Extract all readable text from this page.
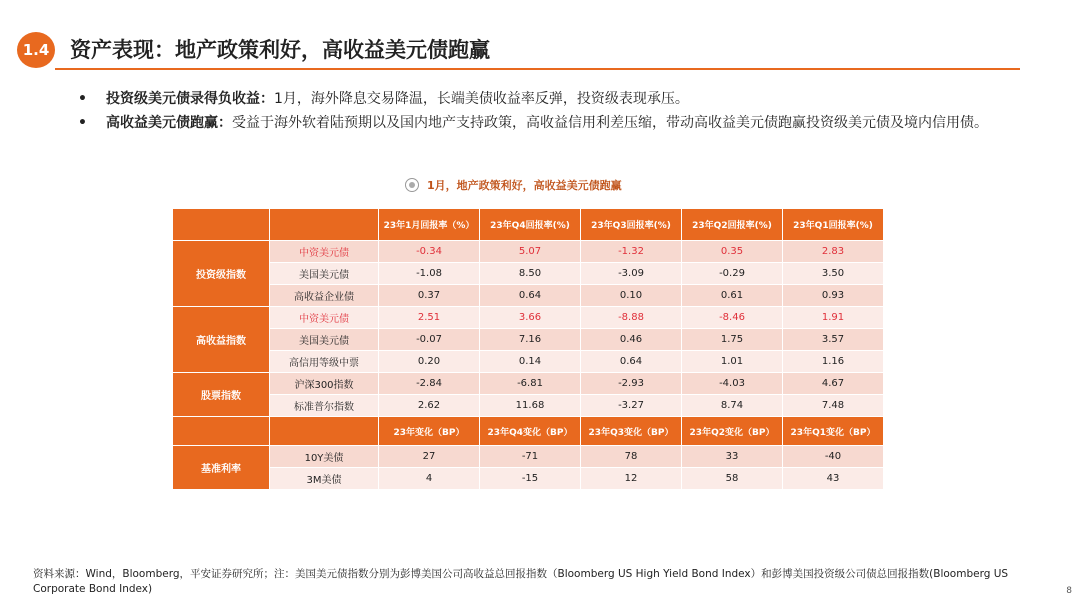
1.4 资产表现：地产政策利好，高收益美元债跑赢
• 投资级美元债录得负收益：1月，海外降息交易降温，长端美债收益率反弹，投资级表现承压。
• 高收益美元债跑赢：受益于海外软着陆预期以及国内地产支持政策，高收益信用利差压缩，带动高收益美元债跑赢投资级美元债及境内信用债。
1月，地产政策利好，高收益美元债跑赢
		23年1月回报率（%）	23年Q4回报率(%)	23年Q3回报率(%)	23年Q2回报率(%)	23年Q1回报率(%)
投资级指数	中资美元债	-0.34	5.07	-1.32	0.35	2.83
	美国美元债	-1.08	8.50	-3.09	-0.29	3.50
	高收益企业债	0.37	0.64	0.10	0.61	0.93
高收益指数	中资美元债	2.51	3.66	-8.88	-8.46	1.91
	美国美元债	-0.07	7.16	0.46	1.75	3.57
	高信用等级中票	0.20	0.14	0.64	1.01	1.16
股票指数	沪深300指数	-2.84	-6.81	-2.93	-4.03	4.67
	标准普尔指数	2.62	11.68	-3.27	8.74	7.48
		23年变化（BP）	23年Q4变化（BP）	23年Q3变化（BP）	23年Q2变化（BP）	23年Q1变化（BP）
基准利率	10Y美债	27	-71	78	33	-40
	3M美债	4	-15	12	58	43
资料来源：Wind，Bloomberg，平安证券研究所；注：美国美元债指数分别为彭博美国公司高收益总回报指数（Bloomberg US High Yield Bond Index）和彭博美国投资级公司债总回报指数(Bloomberg US Corporate Bond Index)	8
